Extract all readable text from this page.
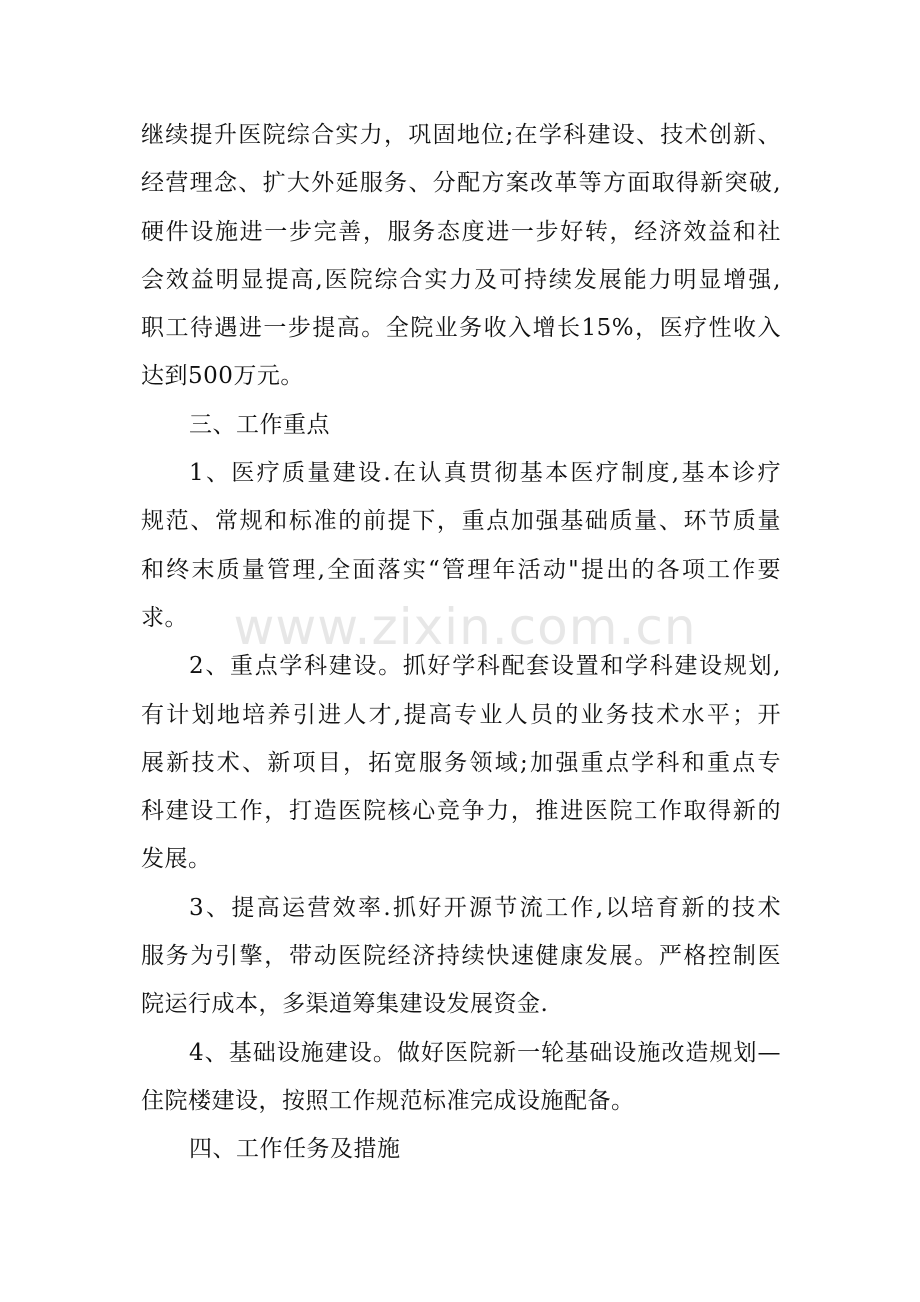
继续提升医院综合实力，巩固地位;在学科建设、技术创新、
经营理念、扩大外延服务、分配方案改革等方面取得新突破,
硬件设施进一步完善，服务态度进一步好转，经济效益和社
会效益明显提高,医院综合实力及可持续发展能力明显增强,
职工待遇进一步提高。全院业务收入增长15%，医疗性收入
达到500万元。
三、工作重点
1、医疗质量建设.在认真贯彻基本医疗制度,基本诊疗
规范、常规和标准的前提下，重点加强基础质量、环节质量
和终末质量管理,全面落实“管理年活动"提出的各项工作要
求。
2、重点学科建设。抓好学科配套设置和学科建设规划,
有计划地培养引进人才,提高专业人员的业务技术水平；开
展新技术、新项目，拓宽服务领域;加强重点学科和重点专
科建设工作，打造医院核心竞争力，推进医院工作取得新的
发展。
3、提高运营效率.抓好开源节流工作,以培育新的技术
服务为引擎，带动医院经济持续快速健康发展。严格控制医
院运行成本，多渠道筹集建设发展资金.
4、基础设施建设。做好医院新一轮基础设施改造规划—
住院楼建设，按照工作规范标准完成设施配备。
四、工作任务及措施
www.zixin.com.cn
